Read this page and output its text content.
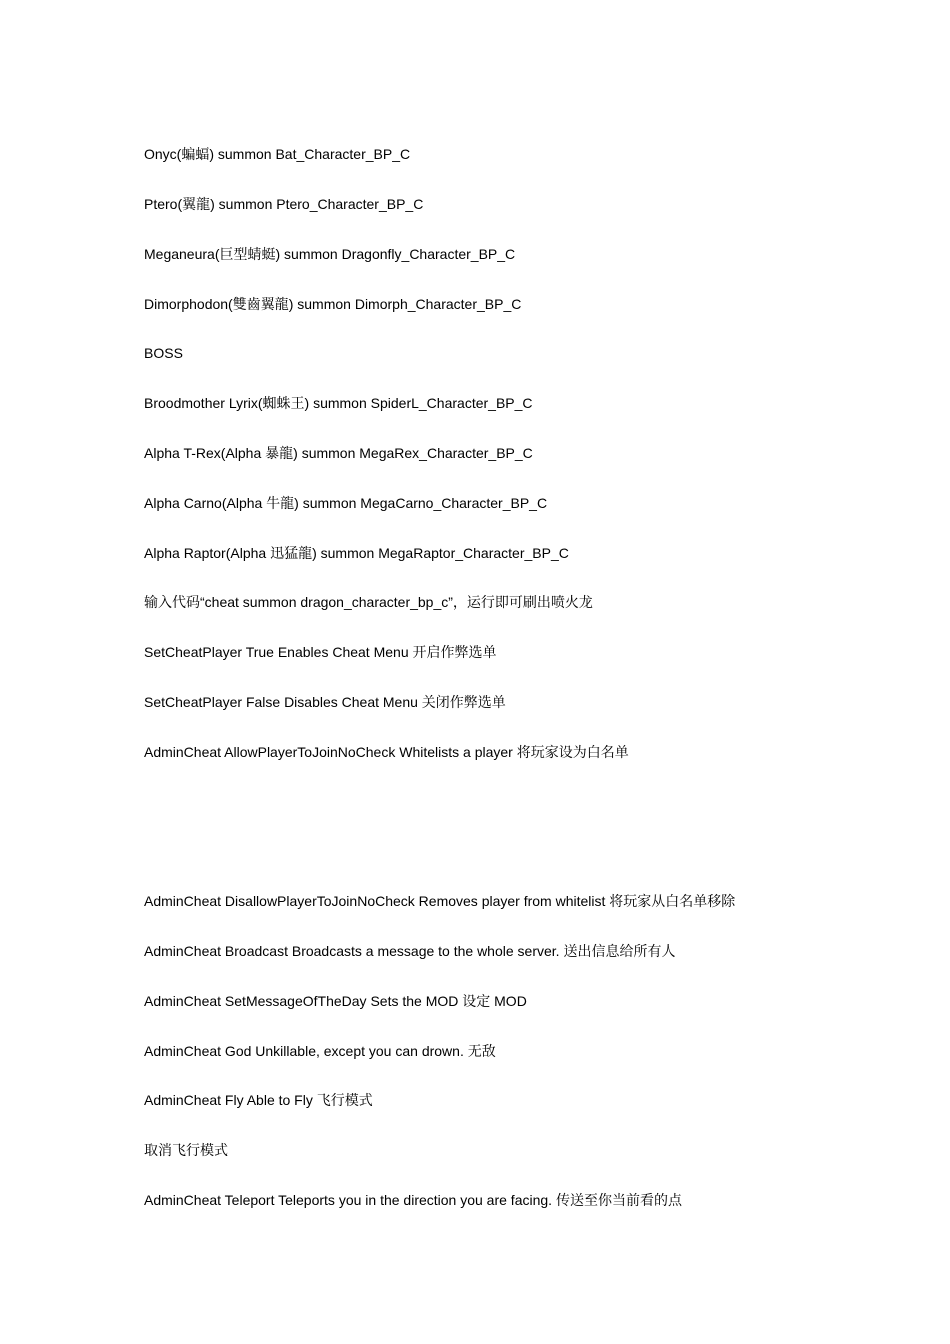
Onyc(蝙蝠) summon Bat_Character_BP_C
Ptero(翼龍) summon Ptero_Character_BP_C
Meganeura(巨型蜻蜓) summon Dragonfly_Character_BP_C
Dimorphodon(雙齒翼龍) summon Dimorph_Character_BP_C
BOSS
Broodmother Lyrix(蜘蛛王) summon SpiderL_Character_BP_C
Alpha T-Rex(Alpha 暴龍) summon MegaRex_Character_BP_C
Alpha Carno(Alpha 牛龍) summon MegaCarno_Character_BP_C
Alpha Raptor(Alpha 迅猛龍) summon MegaRaptor_Character_BP_C
输入代码“cheat summon dragon_character_bp_c”，运行即可刷出喷火龙
SetCheatPlayer True Enables Cheat Menu 开启作弊选单
SetCheatPlayer False Disables Cheat Menu 关闭作弊选单
AdminCheat AllowPlayerToJoinNoCheck Whitelists a player 将玩家设为白名单
AdminCheat DisallowPlayerToJoinNoCheck Removes player from whitelist 将玩家从白名单移除
AdminCheat Broadcast Broadcasts a message to the whole server. 送出信息给所有人
AdminCheat SetMessageOfTheDay Sets the MOD 设定 MOD
AdminCheat God Unkillable, except you can drown. 无敌
AdminCheat Fly Able to Fly 飞行模式
取消飞行模式
AdminCheat Teleport Teleports you in the direction you are facing. 传送至你当前看的点
